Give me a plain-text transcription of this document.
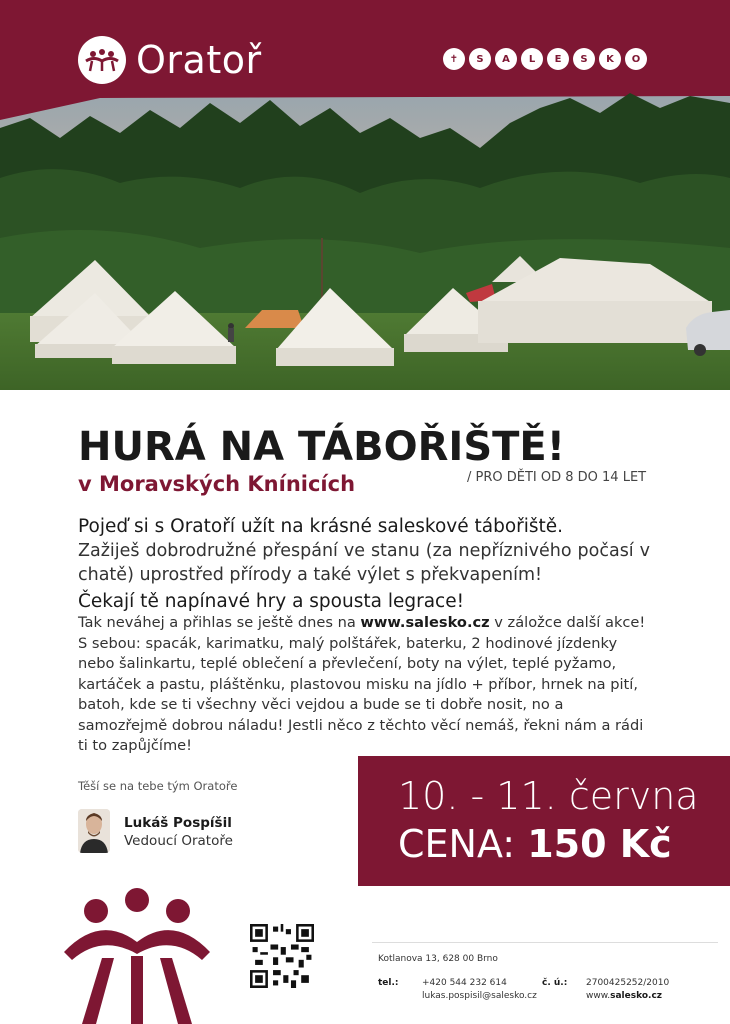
Oratoř	✝	S	A	L	E	S	K	O
HURÁ NA TÁBOŘIŠTĚ!
v Moravských Knínicích	/ PRO DĚTI OD 8 DO 14 LET

Pojeď si s Oratoří užít na krásné saleskové tábořiště.

Zažiješ dobrodružné přespání ve stanu (za nepříznivého počasí v chatě) uprostřed přírody a také výlet s překvapením!

Čekají tě napínavé hry a spousta legrace!

Tak neváhej a přihlas se ještě dnes na www.salesko.cz v záložce další akce!
S sebou: spacák, karimatku, malý polštářek, baterku, 2 hodinové jízdenky nebo šalinkartu, teplé oblečení a převlečení, boty na výlet, teplé pyžamo, kartáček a pastu, pláštěnku, plastovou misku na jídlo + příbor, hrnek na pití, batoh, kde se ti všechny věci vejdou a bude se ti dobře nosit, no a samozřejmě dobrou náladu! Jestli něco z těchto věcí nemáš, řekni nám a rádi ti to zapůjčíme!

Těší se na tebe tým Oratoře
Lukáš Pospíšil
Vedoucí Oratoře
10. - 11. června
CENA: 150 Kč
Kotlanova 13, 628 00 Brno
tel.:	+420 544 232 614
lukas.pospisil@salesko.cz
č. ú.: 2700425252/2010
www.salesko.cz
